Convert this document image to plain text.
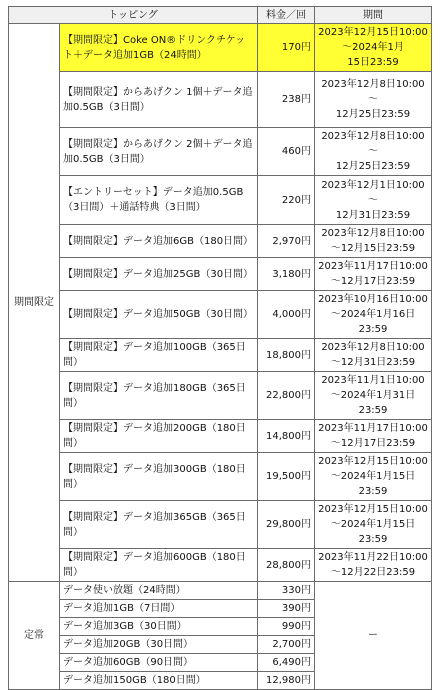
トッピング		料金／回	期間
期間限定	【期間限定】Coke ON®ドリンクチケット＋データ追加1GB（24時間）	170円	2023年12月15日10:00
～2024年1月
15日23:59

	【期間限定】からあげクン 1個＋データ追加0.5GB（3日間）	238円	2023年12月8日10:00
～
12月25日23:59

	【期間限定】からあげクン 2個＋データ追加0.5GB（3日間）	460円	2023年12月8日10:00
～
12月25日23:59

	【エントリーセット】データ追加0.5GB（3日間）＋通話特典（3日間）	220円	2023年12月1日10:00
～
12月31日23:59

	【期間限定】データ追加6GB（180日間）	2,970円	2023年12月8日10:00
～12月15日23:59

	【期間限定】データ追加25GB（30日間）	3,180円	2023年11月17日10:00
～12月17日23:59

	【期間限定】データ追加50GB（30日間）	4,000円	2023年10月16日10:00
～2024年1月16日
23:59

	【期間限定】データ追加100GB（365日間）	18,800円	2023年12月8日10:00
～12月31日23:59

	【期間限定】データ追加180GB（365日間）	22,800円	2023年11月1日10:00
～2024年1月31日
23:59

	【期間限定】データ追加200GB（180日間）	14,800円	2023年11月17日10:00
～12月17日23:59

	【期間限定】データ追加300GB（180日間）	19,500円	2023年12月15日10:00
～2024年1月15日
23:59

	【期間限定】データ追加365GB（365日間）	29,800円	2023年12月15日10:00
～2024年1月15日
23:59

	【期間限定】データ追加600GB（180日間）	28,800円	2023年11月22日10:00
～12月22日23:59

定常	データ使い放題（24時間）	330円	ー
	データ追加1GB（7日間）	390円	
	データ追加3GB（30日間）	990円	
	データ追加20GB（30日間）	2,700円	
	データ追加60GB（90日間）	6,490円	
	データ追加150GB（180日間）	12,980円	
